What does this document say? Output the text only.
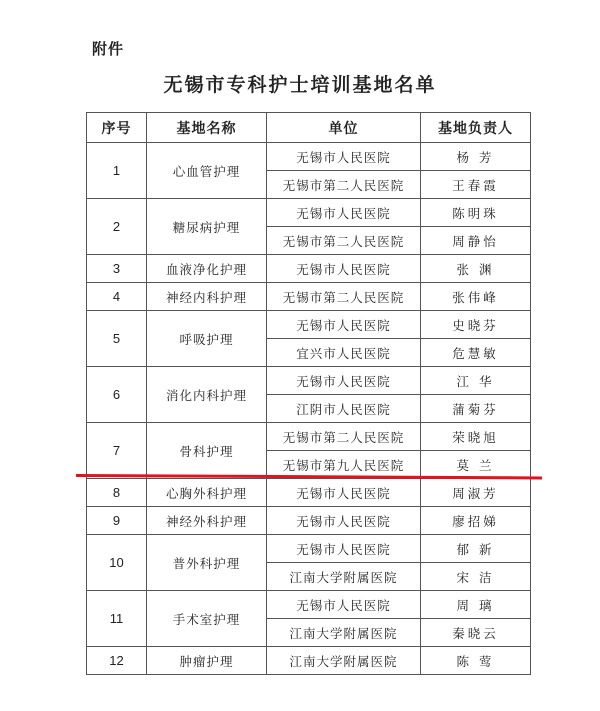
附件
无锡市专科护士培训基地名单
序号	基地名称	单位	基地负责人
1	心血管护理	无锡市人民医院	杨 芳
		无锡市第二人民医院	王春霞
2	糖尿病护理	无锡市人民医院	陈明珠
		无锡市第二人民医院	周静怡
3	血液净化护理	无锡市人民医院	张 渊
4	神经内科护理	无锡市第二人民医院	张伟峰
5	呼吸护理	无锡市人民医院	史晓芬
		宜兴市人民医院	危慧敏
6	消化内科护理	无锡市人民医院	江 华
		江阴市人民医院	蒲菊芬
7	骨科护理	无锡市第二人民医院	荣晓旭
		无锡市第九人民医院	莫 兰
8	心胸外科护理	无锡市人民医院	周淑芳
9	神经外科护理	无锡市人民医院	廖招娣
10	普外科护理	无锡市人民医院	郁 新
		江南大学附属医院	宋 洁
11	手术室护理	无锡市人民医院	周 璃
		江南大学附属医院	秦晓云
12	肿瘤护理	江南大学附属医院	陈 莺
